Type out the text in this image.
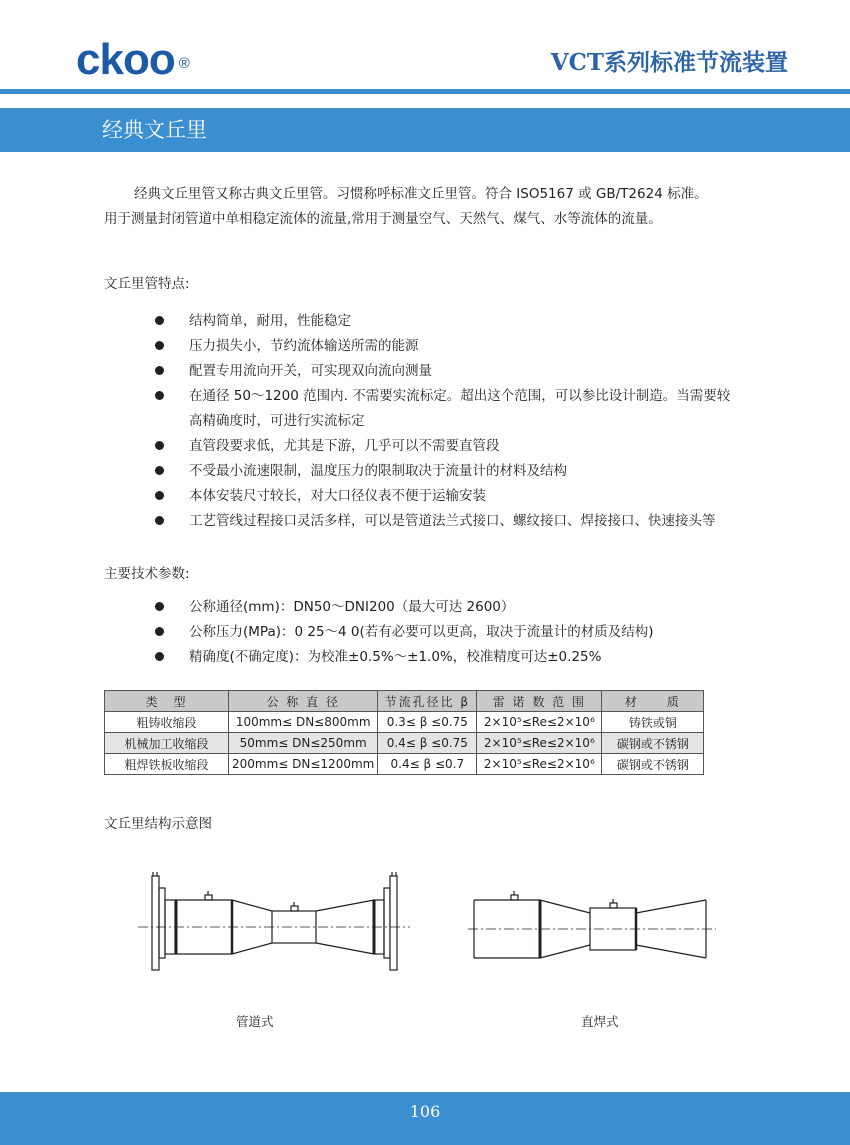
ckoo ®	VCT系列标准节流装置
经典文丘里
经典文丘里管又称古典文丘里管。习惯称呼标准文丘里管。符合 ISO5167 或 GB/T2624 标准。
用于测量封闭管道中单相稳定流体的流量,常用于测量空气、天然气、煤气、水等流体的流量。
文丘里管特点:
结构简单，耐用，性能稳定
压力损失小，节约流体输送所需的能源
配置专用流向开关，可实现双向流向测量
在通径 50～1200 范围内. 不需要实流标定。超出这个范围，可以参比设计制造。当需要较
高精确度时，可进行实流标定
直管段要求低，尤其是下游，几乎可以不需要直管段
不受最小流速限制，温度压力的限制取决于流量计的材料及结构
本体安装尺寸较长，对大口径仪表不便于运输安装
工艺管线过程接口灵活多样，可以是管道法兰式接口、螺纹接口、焊接接口、快速接头等
主要技术参数:
公称通径(mm)：DN50～DNI200（最大可达 2600）
公称压力(MPa)：0 25～4 0(若有必要可以更高，取决于流量计的材质及结构)
精确度(不确定度)：为校准±0.5%～±1.0%，校准精度可达±0.25%
类　型	公 称 直 径	节流孔径比 β	雷 诺 数 范 围	材　　质
粗铸收缩段	100mm≤ DN≤800mm	0.3≤ β ≤0.75	2×10⁵≤Re≤2×10⁶	铸铁或铜
机械加工收缩段	50mm≤ DN≤250mm	0.4≤ β ≤0.75	2×10⁵≤Re≤2×10⁶	碳钢或不锈钢
粗焊铁板收缩段	200mm≤ DN≤1200mm	0.4≤ β ≤0.7	2×10⁵≤Re≤2×10⁶	碳钢或不锈钢
文丘里结构示意图
管道式	直焊式
106
